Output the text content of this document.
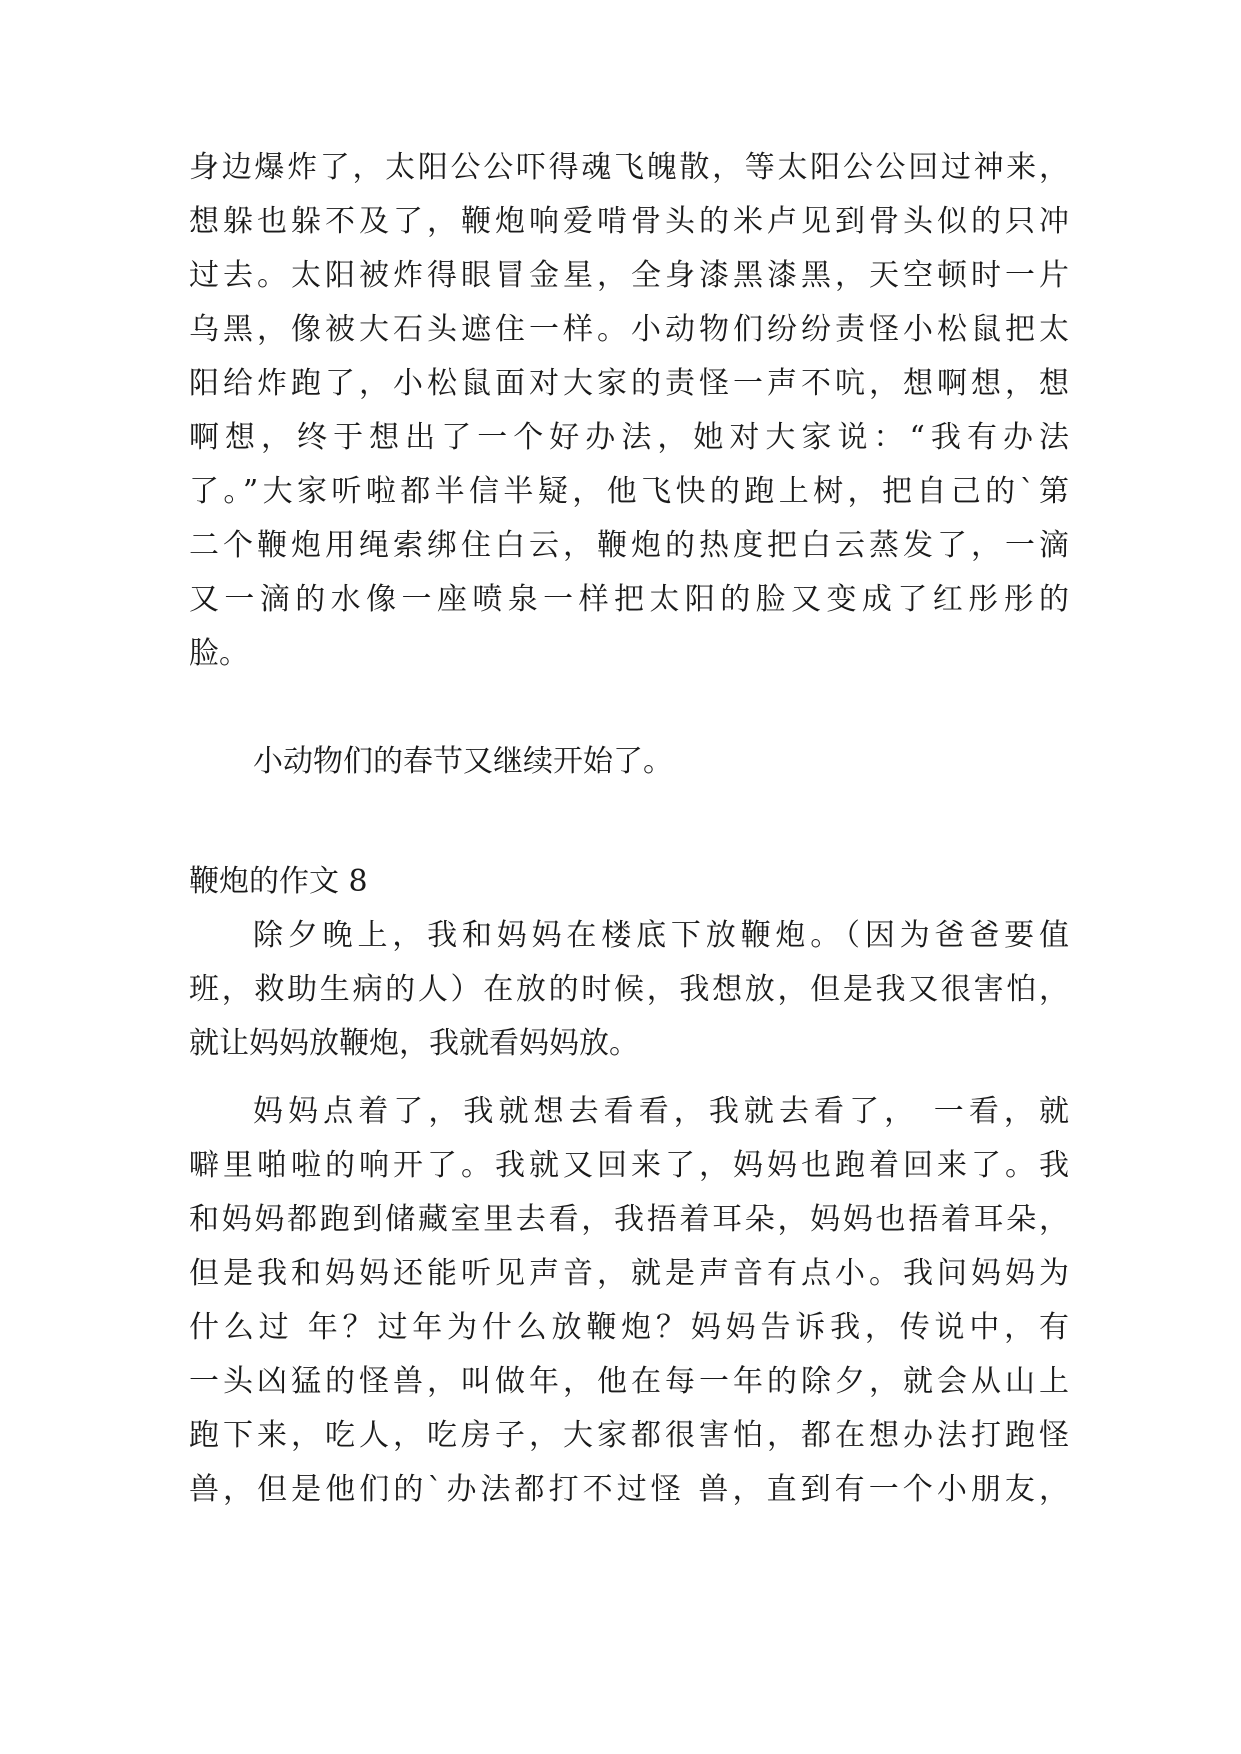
身边爆炸了，太阳公公吓得魂飞魄散，等太阳公公回过神来，
想躲也躲不及了，鞭炮响爱啃骨头的米卢见到骨头似的只冲
过去。太阳被炸得眼冒金星，全身漆黑漆黑，天空顿时一片
乌黑，像被大石头遮住一样。小动物们纷纷责怪小松鼠把太
阳给炸跑了，小松鼠面对大家的责怪一声不吭，想啊想，想
啊想，终于想出了一个好办法，她对大家说：“我有办法
了。”大家听啦都半信半疑，他飞快的跑上树，把自己的`第
二个鞭炮用绳索绑住白云，鞭炮的热度把白云蒸发了，一滴
又一滴的水像一座喷泉一样把太阳的脸又变成了红彤彤的
脸。
小动物们的春节又继续开始了。
鞭炮的作文 8
除夕晚上，我和妈妈在楼底下放鞭炮。（因为爸爸要值
班，救助生病的人）在放的时候，我想放，但是我又很害怕，
就让妈妈放鞭炮，我就看妈妈放。
妈妈点着了，我就想去看看，我就去看了， 一看，就
噼里啪啦的响开了。我就又回来了，妈妈也跑着回来了。我
和妈妈都跑到储藏室里去看，我捂着耳朵，妈妈也捂着耳朵，
但是我和妈妈还能听见声音，就是声音有点小。我问妈妈为
什么过 年？过年为什么放鞭炮？妈妈告诉我，传说中，有
一头凶猛的怪兽，叫做年，他在每一年的除夕，就会从山上
跑下来，吃人，吃房子，大家都很害怕，都在想办法打跑怪
兽，但是他们的`办法都打不过怪 兽，直到有一个小朋友，
